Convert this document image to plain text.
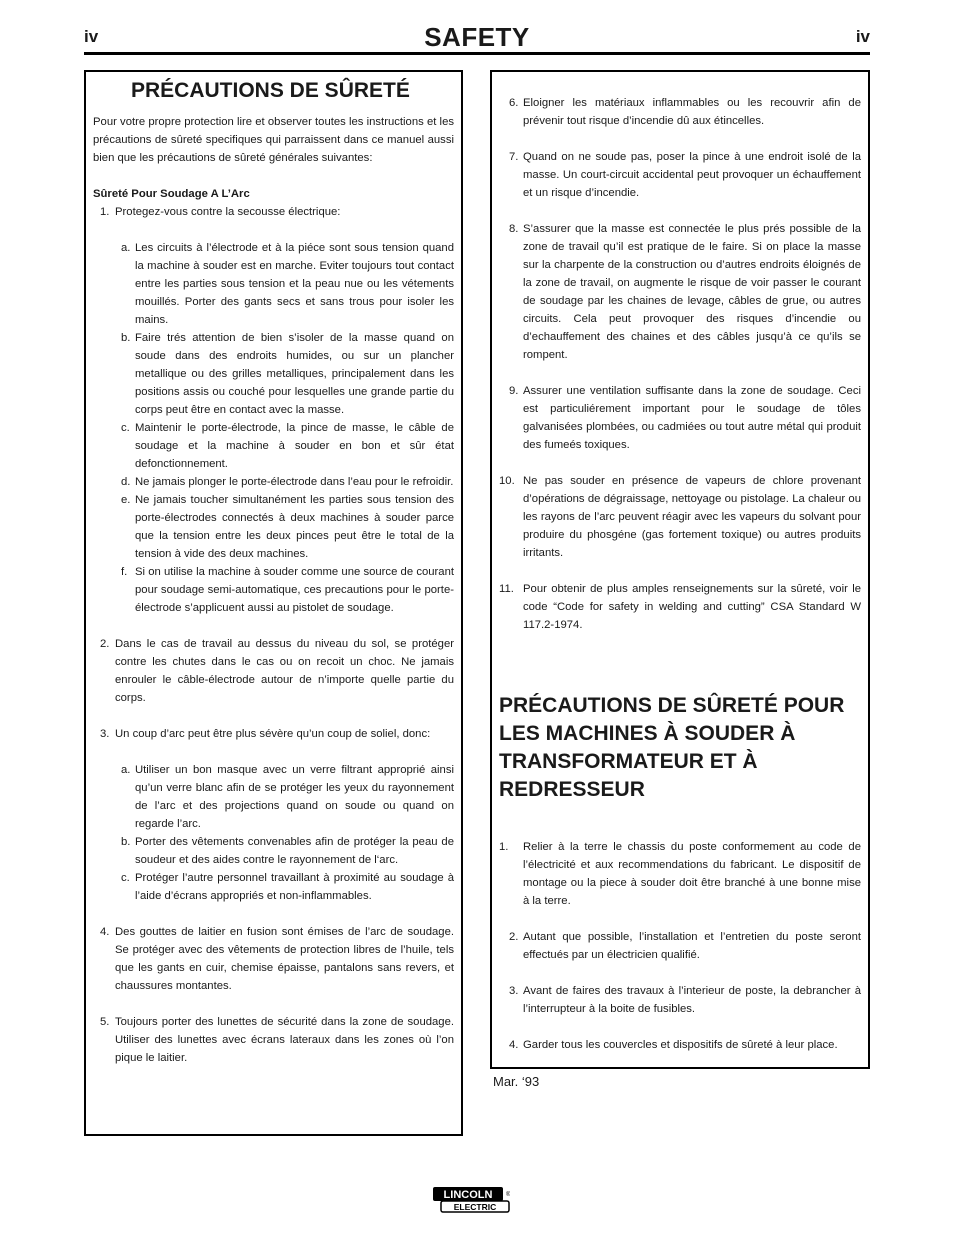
iv	SAFETY	iv
PRÉCAUTIONS DE SÛRETÉ

Pour votre propre protection lire et observer toutes les instructions et les précautions de sûreté specifiques qui parraissent dans ce manuel aussi bien que les précautions de sûreté générales suivantes:

Sûreté Pour Soudage A L’Arc
1. Protegez-vous contre la secousse électrique:
a. Les circuits à l’électrode et à la piéce sont sous tension quand la machine à souder est en marche. Eviter toujours tout contact entre les parties sous tension et la peau nue ou les vétements mouillés. Porter des gants secs et sans trous pour isoler les mains.
b. Faire trés attention de bien s’isoler de la masse quand on soude dans des endroits humides, ou sur un plancher metallique ou des grilles metalliques, principalement dans les positions assis ou couché pour lesquelles une grande partie du corps peut être en contact avec la masse.
c. Maintenir le porte-électrode, la pince de masse, le câble de soudage et la machine à souder en bon et sûr état defonctionnement.
d. Ne jamais plonger le porte-électrode dans l’eau pour le refroidir.
e. Ne jamais toucher simultanément les parties sous tension des porte-électrodes connectés à deux machines à souder parce que la tension entre les deux pinces peut être le total de la tension à vide des deux machines.
f. Si on utilise la machine à souder comme une source de courant pour soudage semi-automatique, ces precautions pour le porte-électrode s’applicuent aussi au pistolet de soudage.
2. Dans le cas de travail au dessus du niveau du sol, se protéger contre les chutes dans le cas ou on recoit un choc. Ne jamais enrouler le câble-électrode autour de n’importe quelle partie du corps.
3. Un coup d’arc peut être plus sévère qu’un coup de soliel, donc:
a. Utiliser un bon masque avec un verre filtrant approprié ainsi qu’un verre blanc afin de se protéger les yeux du rayonnement de l’arc et des projections quand on soude ou quand on regarde l’arc.
b. Porter des vêtements convenables afin de protéger la peau de soudeur et des aides contre le rayonnement de l‘arc.
c. Protéger l’autre personnel travaillant à proximité au soudage à l’aide d’écrans appropriés et non-inflammables.
4. Des gouttes de laitier en fusion sont émises de l’arc de soudage. Se protéger avec des vêtements de protection libres de l’huile, tels que les gants en cuir, chemise épaisse, pantalons sans revers, et chaussures montantes.
5. Toujours porter des lunettes de sécurité dans la zone de soudage. Utiliser des lunettes avec écrans lateraux dans les zones où l’on pique le laitier.
6. Eloigner les matériaux inflammables ou les recouvrir afin de prévenir tout risque d’incendie dû aux étincelles.
7. Quand on ne soude pas, poser la pince à une endroit isolé de la masse. Un court-circuit accidental peut provoquer un échauffement et un risque d’incendie.
8. S’assurer que la masse est connectée le plus prés possible de la zone de travail qu’il est pratique de le faire. Si on place la masse sur la charpente de la construction ou d’autres endroits éloignés de la zone de travail, on augmente le risque de voir passer le courant de soudage par les chaines de levage, câbles de grue, ou autres circuits. Cela peut provoquer des risques d’incendie ou d’echauffement des chaines et des câbles jusqu’à ce qu’ils se rompent.
9. Assurer une ventilation suffisante dans la zone de soudage. Ceci est particuliérement important pour le soudage de tôles galvanisées plombées, ou cadmiées ou tout autre métal qui produit des fumeés toxiques.
10. Ne pas souder en présence de vapeurs de chlore provenant d’opérations de dégraissage, nettoyage ou pistolage. La chaleur ou les rayons de l’arc peuvent réagir avec les vapeurs du solvant pour produire du phosgéne (gas fortement toxique) ou autres produits irritants.
11. Pour obtenir de plus amples renseignements sur la sûreté, voir le code “Code for safety in welding and cutting” CSA Standard W 117.2-1974.
PRÉCAUTIONS DE SÛRETÉ POUR LES MACHINES À SOUDER À TRANSFORMATEUR ET À REDRESSEUR
1. Relier à la terre le chassis du poste conformement au code de l’électricité et aux recommendations du fabricant. Le dispositif de montage ou la piece à souder doit être branché à une bonne mise à la terre.
2. Autant que possible, l’installation et l’entretien du poste seront effectués par un électricien qualifié.
3. Avant de faires des travaux à l’interieur de poste, la debrancher à l’interrupteur à la boite de fusibles.
4. Garder tous les couvercles et dispositifs de sûreté à leur place.
Mar. ‘93
LINCOLN
ELECTRIC
®
